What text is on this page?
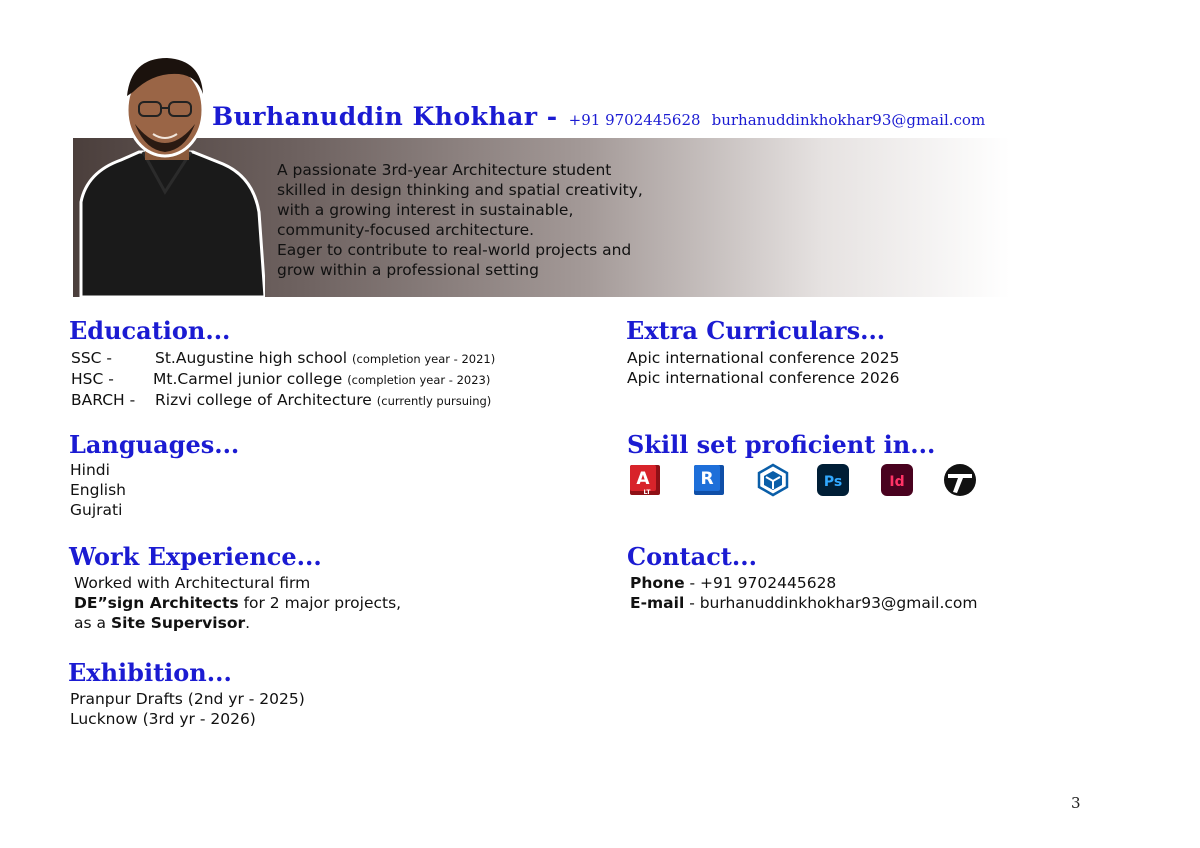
Burhanuddin Khokhar - +91 9702445628 burhanuddinkhokhar93@gmail.com
A passionate 3rd-year Architecture student
skilled in design thinking and spatial creativity,
with a growing interest in sustainable,
community-focused architecture.
Eager to contribute to real-world projects and
grow within a professional setting
Education...
SSC -	St.Augustine high school (completion year - 2021)
HSC -	Mt.Carmel junior college (completion year - 2023)
BARCH - Rizvi college of Architecture (currently pursuing)
Extra Curriculars...
Apic international conference 2025
Apic international conference 2026
Languages...
Hindi
English
Gujrati
Skill set proficient in...
A
LT
R	Ps	Id
Work Experience...
Worked with Architectural firm
DE”sign Architects for 2 major projects,
as a Site Supervisor.
Contact...
Phone - +91 9702445628
E-mail - burhanuddinkhokhar93@gmail.com
Exhibition...
Pranpur Drafts (2nd yr - 2025)
Lucknow (3rd yr - 2026)
3
